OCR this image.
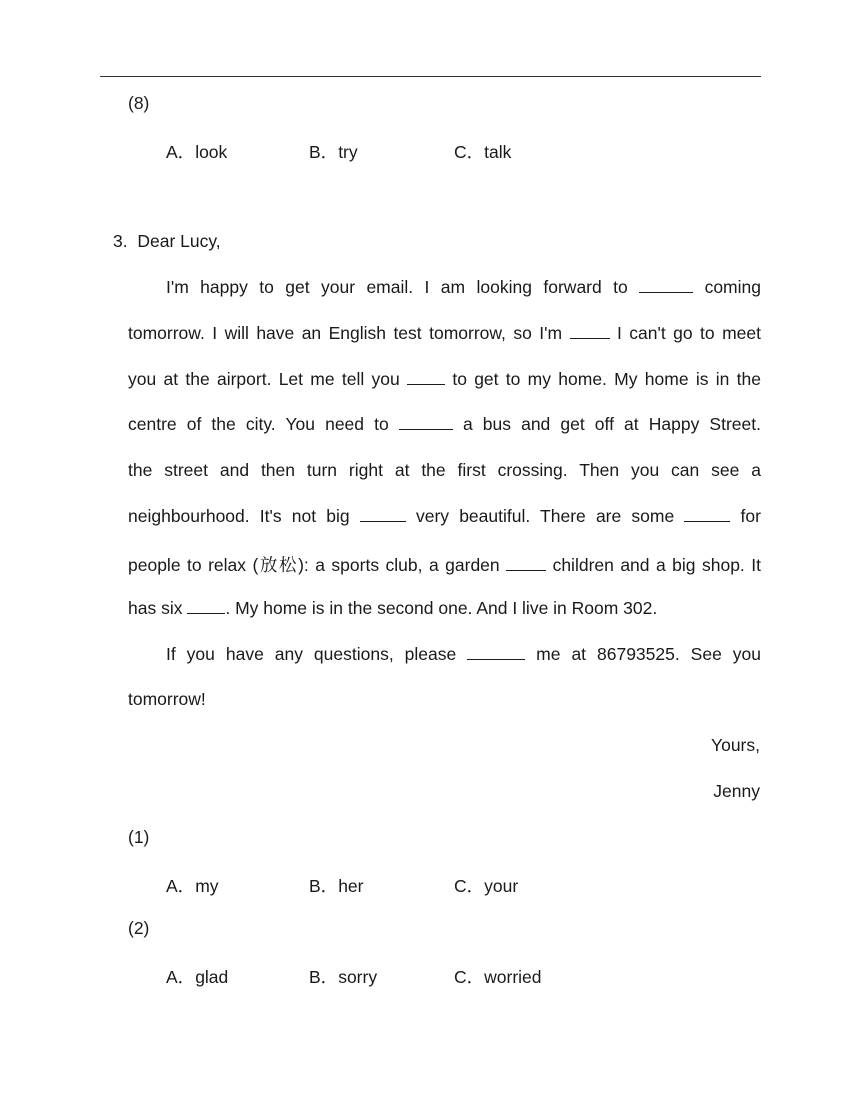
(8)
A．look	B．try	C．talk
3. Dear Lucy,
I'm happy to get your email. I am looking forward to	coming
tomorrow. I will have an English test tomorrow, so I'm	I can't go to meet
you at the airport. Let me tell you	to get to my home. My home is in the
centre of the city. You need to	a bus and get off at Happy Street.
the street and then turn right at the first crossing. Then you can see a
neighbourhood. It's not big	very beautiful. There are some	for
people to relax (放松): a sports club, a garden	children and a big shop. It
has six . My home is in the second one. And I live in Room 302.
If you have any questions, please	me at 86793525. See you
tomorrow!
Yours,
Jenny
(1)
A．my	B．her	C．your
(2)
A．glad	B．sorry	C．worried
